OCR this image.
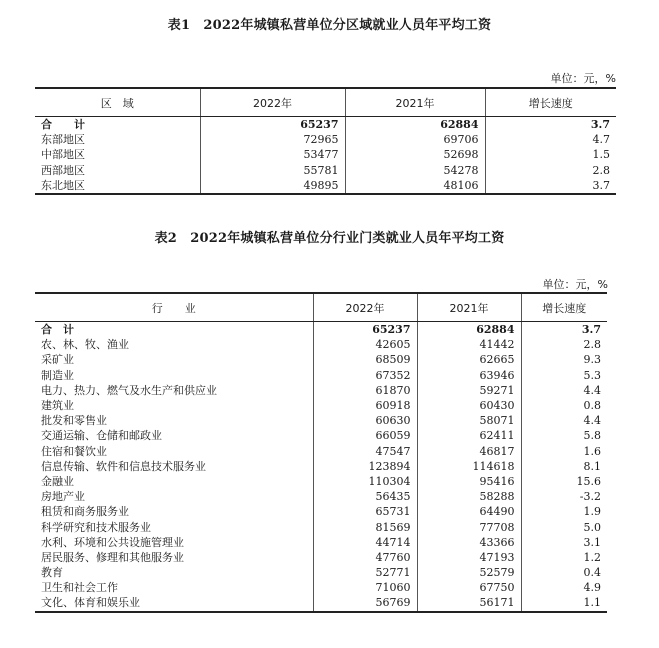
表1　2022年城镇私营单位分区域就业人员年平均工资
单位：元，%
区　域	2022年	2021年	增长速度
合　　计	65237	62884	3.7
东部地区	72965	69706	4.7
中部地区	53477	52698	1.5
西部地区	55781	54278	2.8
东北地区	49895	48106	3.7
表2　2022年城镇私营单位分行业门类就业人员年平均工资
单位：元，%
行　　业	2022年	2021年	增长速度
合　计	65237	62884	3.7
农、林、牧、渔业	42605	41442	2.8
采矿业	68509	62665	9.3
制造业	67352	63946	5.3
电力、热力、燃气及水生产和供应业	61870	59271	4.4
建筑业	60918	60430	0.8
批发和零售业	60630	58071	4.4
交通运输、仓储和邮政业	66059	62411	5.8
住宿和餐饮业	47547	46817	1.6
信息传输、软件和信息技术服务业	123894	114618	8.1
金融业	110304	95416	15.6
房地产业	56435	58288	-3.2
租赁和商务服务业	65731	64490	1.9
科学研究和技术服务业	81569	77708	5.0
水利、环境和公共设施管理业	44714	43366	3.1
居民服务、修理和其他服务业	47760	47193	1.2
教育	52771	52579	0.4
卫生和社会工作	71060	67750	4.9
文化、体育和娱乐业	56769	56171	1.1
